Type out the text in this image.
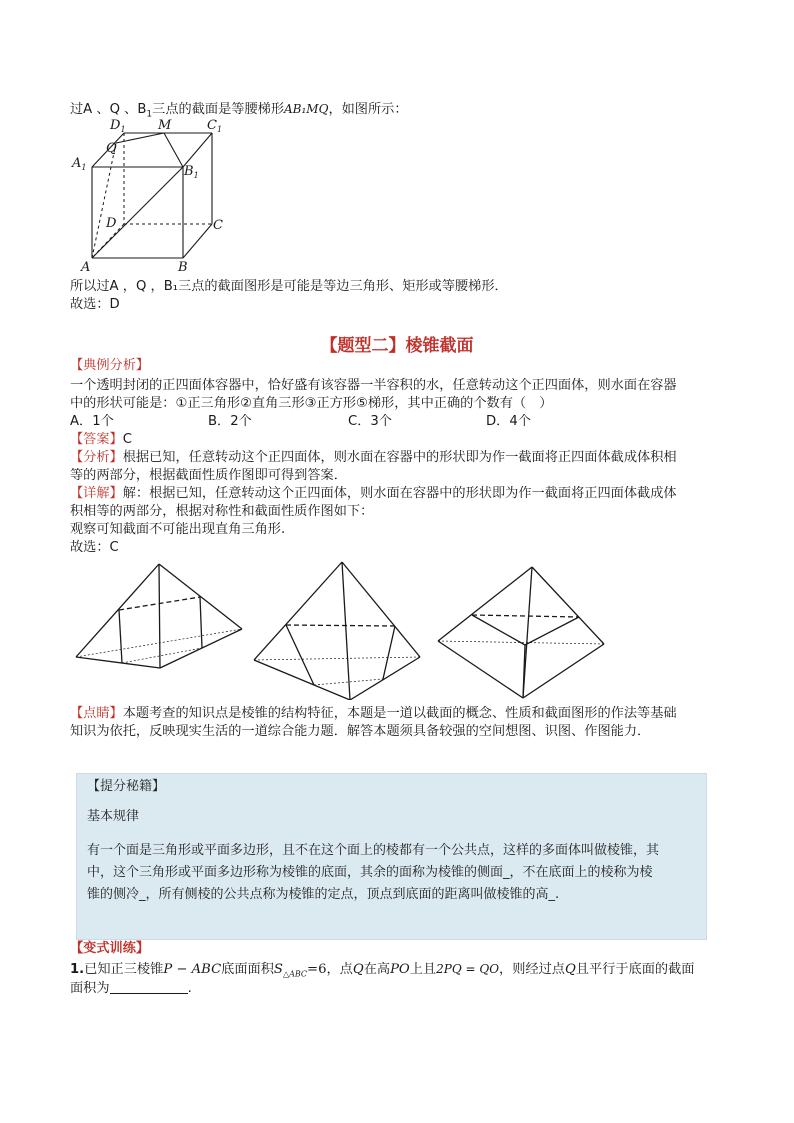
过A 、Q 、$B_1$三点的截面是等腰梯形AB₁MQ，如图所示：
$D_1$ M	$C_1$
Q
$A_1$	$B_1$
D	C
A	B
所以过A ，Q ，B₁三点的截面图形是可能是等边三角形、矩形或等腰梯形．
故选：D
【题型二】棱锥截面
【典例分析】
一个透明封闭的正四面体容器中，恰好盛有该容器一半容积的水，任意转动这个正四面体，则水面在容器
中的形状可能是：①正三角形②直角三形③正方形⑤梯形，其中正确的个数有（　）
A．1个	B．2个	C．3个	D．4个
【答案】C
【分析】根据已知，任意转动这个正四面体，则水面在容器中的形状即为作一截面将正四面体截成体积相
等的两部分，根据截面性质作图即可得到答案．
【详解】解：根据已知，任意转动这个正四面体，则水面在容器中的形状即为作一截面将正四面体截成体
积相等的两部分，根据对称性和截面性质作图如下：
观察可知截面不可能出现直角三角形.
故选：C
【点睛】本题考查的知识点是棱锥的结构特征，本题是一道以截面的概念、性质和截面图形的作法等基础
知识为依托，反映现实生活的一道综合能力题．解答本题须具备较强的空间想图、识图、作图能力．
【提分秘籍】
基本规律
有一个面是三角形或平面多边形，且不在这个面上的棱都有一个公共点，这样的多面体叫做棱锥，其
中，这个三角形或平面多边形称为棱锥的底面，其余的面称为棱锥的侧面_，不在底面上的棱称为棱
锥的侧冷_，所有侧棱的公共点称为棱锥的定点，顶点到底面的距离叫做棱锥的高_.
【变式训练】
1.已知正三棱锥P − ABC底面面积$S_{\triangle ABC}=6$，点Q在高PO上且2PQ = QO，则经过点Q且平行于底面的截面
面积为	.
